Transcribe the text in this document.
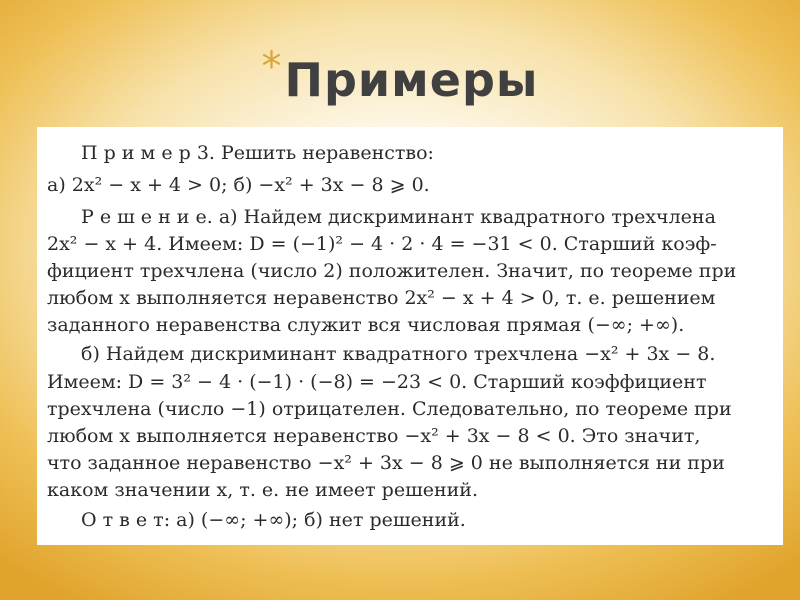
*Примеры
П р и м е р 3. Решить неравенство:
а) 2x² − x + 4 > 0; б) −x² + 3x − 8 ⩾ 0.
Р е ш е н и е. а) Найдем дискриминант квадратного трехчлена
2x² − x + 4. Имеем: D = (−1)² − 4 · 2 · 4 = −31 < 0. Старший коэф-
фициент трехчлена (число 2) положителен. Значит, по теореме при
любом x выполняется неравенство 2x² − x + 4 > 0, т. е. решением
заданного неравенства служит вся числовая прямая (−∞; +∞).
б) Найдем дискриминант квадратного трехчлена −x² + 3x − 8.
Имеем: D = 3² − 4 · (−1) · (−8) = −23 < 0. Старший коэффициент
трехчлена (число −1) отрицателен. Следовательно, по теореме при
любом x выполняется неравенство −x² + 3x − 8 < 0. Это значит,
что заданное неравенство −x² + 3x − 8 ⩾ 0 не выполняется ни при
каком значении x, т. е. не имеет решений.
О т в е т: а) (−∞; +∞); б) нет решений.
